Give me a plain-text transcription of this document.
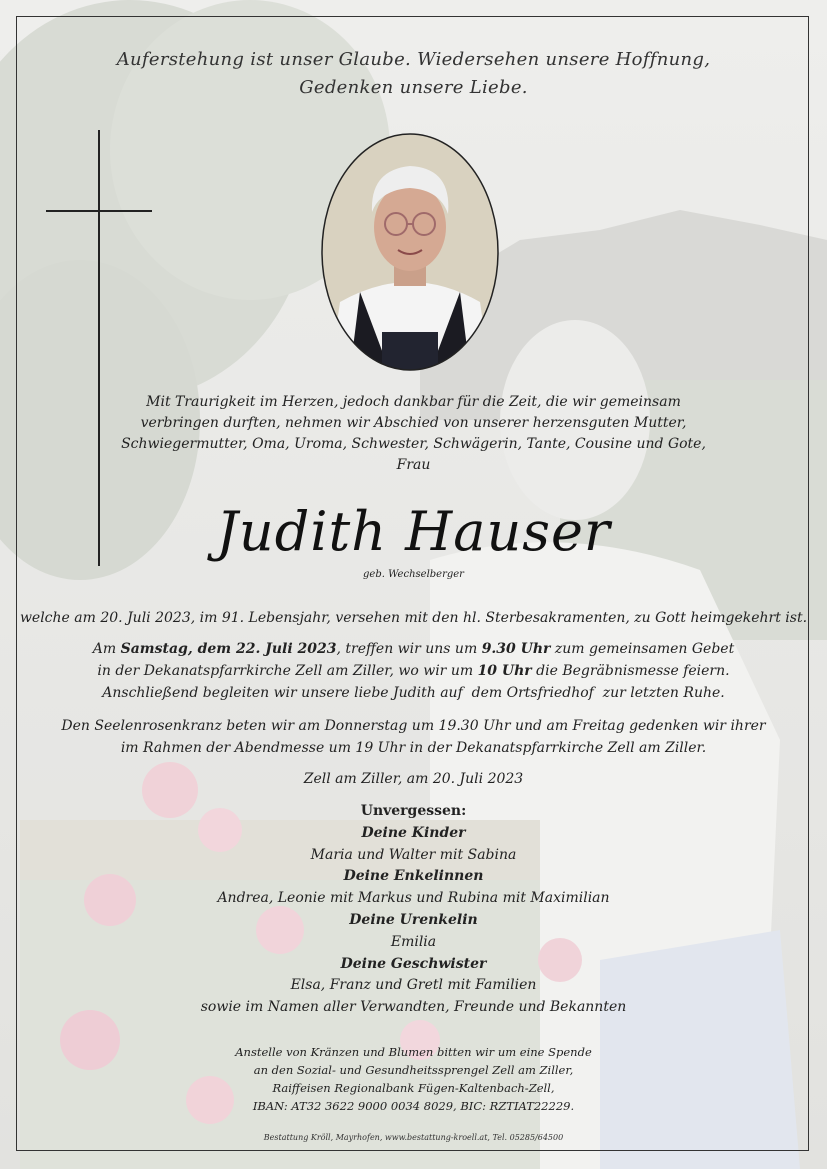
Auferstehung ist unser Glaube. Wiedersehen unsere Hoffnung,
Gedenken unsere Liebe.
Mit Traurigkeit im Herzen, jedoch dankbar für die Zeit, die wir gemeinsam
verbringen durften, nehmen wir Abschied von unserer herzensguten Mutter,
Schwiegermutter, Oma, Uroma, Schwester, Schwägerin, Tante, Cousine und Gote,
Frau
Judith Hauser
geb. Wechselberger
welche am 20. Juli 2023, im 91. Lebensjahr, versehen mit den hl. Sterbesakramenten, zu Gott heimgekehrt ist.
Am Samstag, dem 22. Juli 2023, treffen wir uns um 9.30 Uhr zum gemeinsamen Gebet
in der Dekanatspfarrkirche Zell am Ziller, wo wir um 10 Uhr die Begräbnismesse feiern.
Anschließend begleiten wir unsere liebe Judith auf  dem Ortsfriedhof  zur letzten Ruhe.
Den Seelenrosenkranz beten wir am Donnerstag um 19.30 Uhr und am Freitag gedenken wir ihrer
im Rahmen der Abendmesse um 19 Uhr in der Dekanatspfarrkirche Zell am Ziller.
Zell am Ziller, am 20. Juli 2023
Unvergessen:
Deine Kinder
Maria und Walter mit Sabina
Deine Enkelinnen
Andrea, Leonie mit Markus und Rubina mit Maximilian
Deine Urenkelin
Emilia
Deine Geschwister
Elsa, Franz und Gretl mit Familien
sowie im Namen aller Verwandten, Freunde und Bekannten
Anstelle von Kränzen und Blumen bitten wir um eine Spende
an den Sozial- und Gesundheitssprengel Zell am Ziller,
Raiffeisen Regionalbank Fügen-Kaltenbach-Zell,
IBAN: AT32 3622 9000 0034 8029, BIC: RZTIAT22229.
Bestattung Kröll, Mayrhofen, www.bestattung-kroell.at, Tel. 05285/64500
